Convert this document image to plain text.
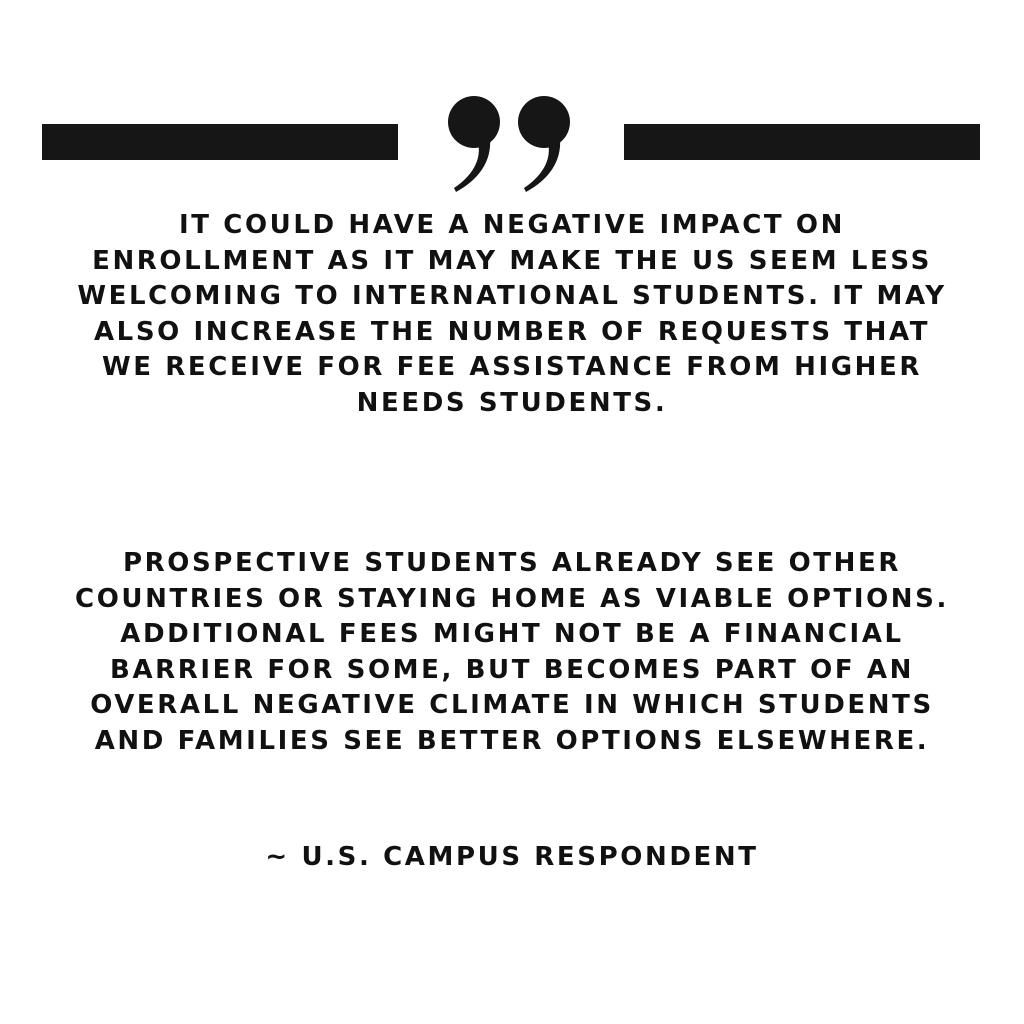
IT COULD HAVE A NEGATIVE IMPACT ON
ENROLLMENT AS IT MAY MAKE THE US SEEM LESS
WELCOMING TO INTERNATIONAL STUDENTS. IT MAY
ALSO INCREASE THE NUMBER OF REQUESTS THAT
WE RECEIVE FOR FEE ASSISTANCE FROM HIGHER
NEEDS STUDENTS.
PROSPECTIVE STUDENTS ALREADY SEE OTHER
COUNTRIES OR STAYING HOME AS VIABLE OPTIONS.
ADDITIONAL FEES MIGHT NOT BE A FINANCIAL
BARRIER FOR SOME, BUT BECOMES PART OF AN
OVERALL NEGATIVE CLIMATE IN WHICH STUDENTS
AND FAMILIES SEE BETTER OPTIONS ELSEWHERE.
~ U.S. CAMPUS RESPONDENT
